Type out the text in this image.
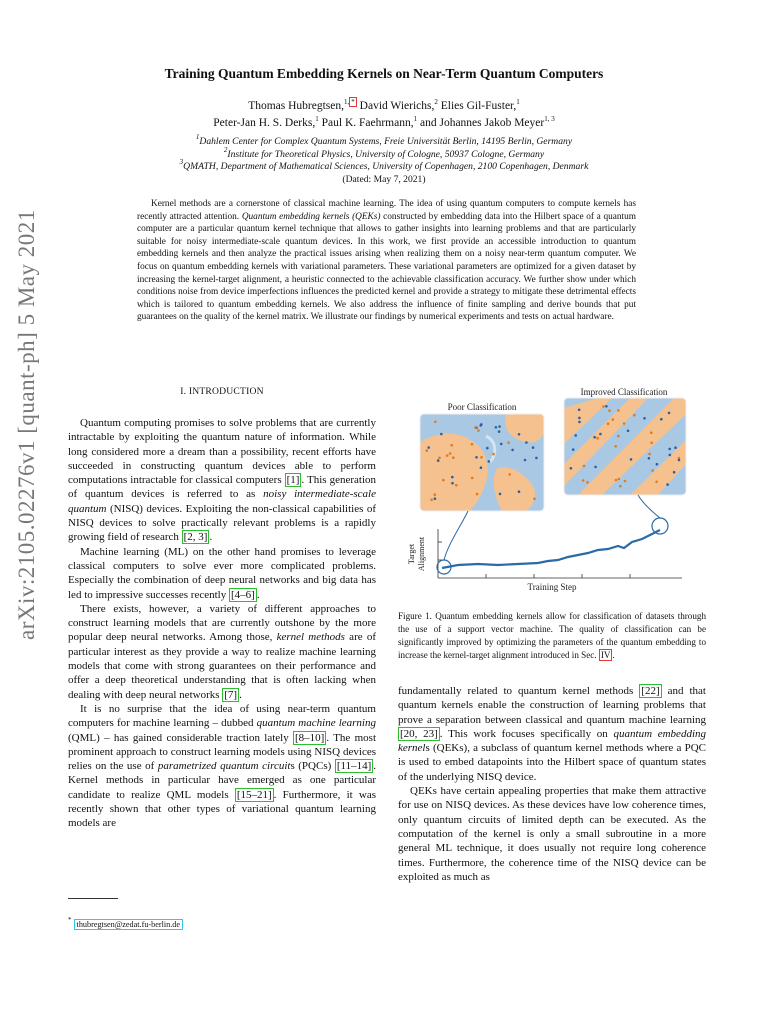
arXiv:2105.02276v1 [quant-ph] 5 May 2021
Training Quantum Embedding Kernels on Near-Term Quantum Computers
Thomas Hubregtsen,$^{1,}$ * David Wierichs,$^2$ Elies Gil-Fuster,$^1$
Peter-Jan H. S. Derks,$^1$ Paul K. Faehrmann,$^1$ and Johannes Jakob Meyer$^{1, 3}$
$^1$Dahlem Center for Complex Quantum Systems, Freie Universität Berlin, 14195 Berlin, Germany
$^2$Institute for Theoretical Physics, University of Cologne, 50937 Cologne, Germany
$^3$QMATH, Department of Mathematical Sciences, University of Copenhagen, 2100 Copenhagen, Denmark
(Dated: May 7, 2021)

Kernel methods are a cornerstone of classical machine learning. The idea of using quantum computers to compute kernels has recently attracted attention. Quantum embedding kernels (QEKs) constructed by embedding data into the Hilbert space of a quantum computer are a particular quantum kernel technique that allows to gather insights into learning problems and that are particularly suitable for noisy intermediate-scale quantum devices. In this work, we first provide an accessible introduction to quantum embedding kernels and then analyze the practical issues arising when realizing them on a noisy near-term quantum computer. We focus on quantum embedding kernels with variational parameters. These variational parameters are optimized for a given dataset by increasing the kernel-target alignment, a heuristic connected to the achievable classification accuracy. We further show under which conditions noise from device imperfections influences the predicted kernel and provide a strategy to mitigate these detrimental effects which is tailored to quantum embedding kernels. We also address the influence of finite sampling and derive bounds that put guarantees on the quality of the kernel matrix. We illustrate our findings by numerical experiments and tests on actual hardware.

I. INTRODUCTION

Quantum computing promises to solve problems that are currently intractable by exploiting the quantum nature of information. While long considered more a dream than a possibility, recent efforts have succeeded in constructing quantum devices able to perform computations intractable for classical computers [1] . This generation of quantum devices is referred to as noisy intermediate-scale quantum (NISQ) devices. Exploiting the non-classical capabilities of NISQ devices to solve practically relevant problems is a rapidly growing field of research [2, 3] .

Machine learning (ML) on the other hand promises to leverage classical computers to solve ever more complicated problems. Especially the combination of deep neural networks and big data has led to impressive successes recently [4–6] .

There exists, however, a variety of different approaches to construct learning models that are currently outshone by the more popular deep neural networks. Among those, kernel methods are of particular interest as they provide a way to realize machine learning models that come with strong guarantees on their performance and offer a deep theoretical understanding that is often lacking when dealing with deep neural networks [7] .

It is no surprise that the idea of using near-term quantum computers for machine learning – dubbed quantum machine learning (QML) – has gained considerable traction lately [8–10] . The most prominent approach to construct learning models using NISQ devices relies on the use of parametrized quantum circuits (PQCs) [11–14] . Kernel methods in particular have emerged as one particular candidate to realize QML models [15–21] . Furthermore, it was recently shown that other types of variational quantum learning models are

* thubregtsen@zedat.fu-berlin.de
Poor Classification
Improved Classification
Target Alignment
Training Step
Figure 1. Quantum embedding kernels allow for classification of datasets through the use of a support vector machine. The quality of classification can be significantly improved by optimizing the parameters of the quantum embedding to increase the kernel-target alignment introduced in Sec. IV .

fundamentally related to quantum kernel methods [22] and that quantum kernels enable the construction of learning problems that prove a separation between classical and quantum machine learning [20, 23] . This work focuses specifically on quantum embedding kernels (QEKs), a subclass of quantum kernel methods where a PQC is used to embed datapoints into the Hilbert space of quantum states of the underlying NISQ device.

QEKs have certain appealing properties that make them attractive for use on NISQ devices. As these devices have low coherence times, only quantum circuits of limited depth can be executed. As the computation of the kernel is only a small subroutine in a more general ML technique, it does usually not require long coherence times. Furthermore, the coherence time of the NISQ device can be exploited as much as
